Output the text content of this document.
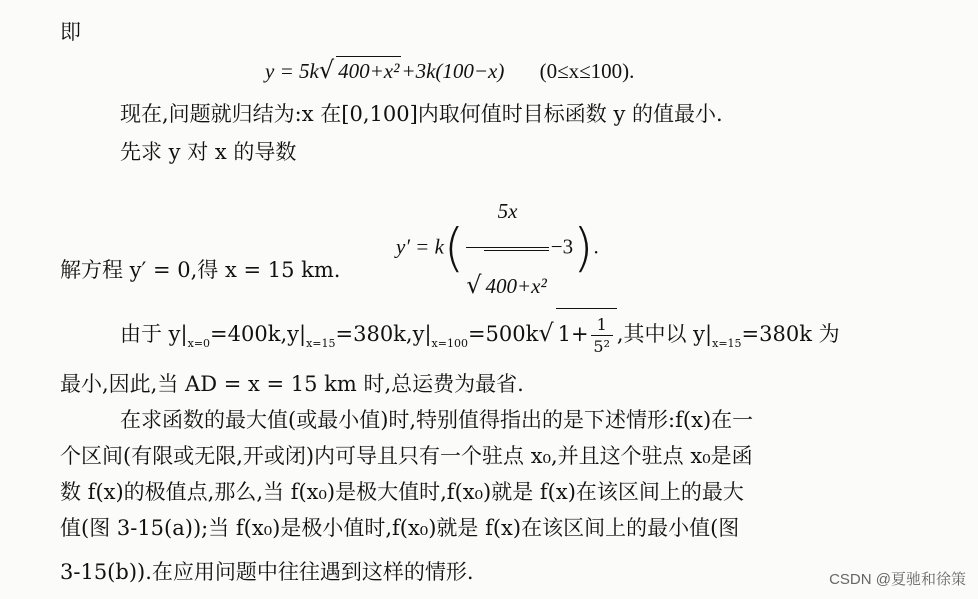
即
y = 5k√ 400+x²+3k(100−x) (0≤x≤100).
现在,问题就归结为:x 在[0,100]内取何值时目标函数 y 的值最小.
先求 y 对 x 的导数
$y' = k( \frac{5x}{\text{√ 400+x²}} -3)$.
解方程 y′ = 0,得 x = 15 km.
由于 $y|_{x=0}=400k,y|_{x=15}=380k,y|_{x=100}=500k√$ $1+ \frac{1}{\text{5²}}$ ,其中以 $y|_{x=15}=380k$ 为
最小,因此,当 AD = x = 15 km 时,总运费为最省.
在求函数的最大值(或最小值)时,特别值得指出的是下述情形:f(x)在一
个区间(有限或无限,开或闭)内可导且只有一个驻点 x₀,并且这个驻点 x₀是函
数 f(x)的极值点,那么,当 f(x₀)是极大值时,f(x₀)就是 f(x)在该区间上的最大
值(图 3-15(a));当 f(x₀)是极小值时,f(x₀)就是 f(x)在该区间上的最小值(图
3-15(b)).在应用问题中往往遇到这样的情形.	CSDN @夏驰和徐策
